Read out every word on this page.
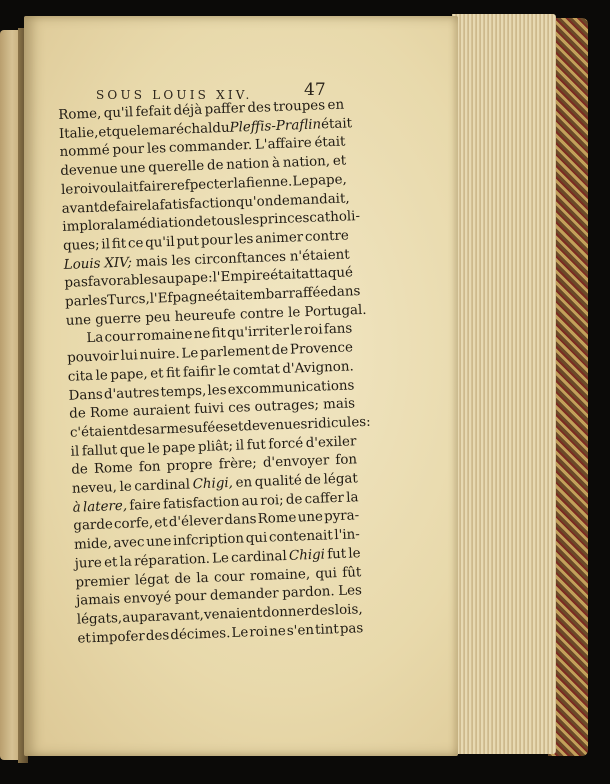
SOUS LOUIS XIV.	47
Rome, qu'il fefait déjà paffer des troupes en
Italie, et que le maréchal du Pleffis-Praflin était
nommé pour les commander. L'affaire était
devenue une querelle de nation à nation, et
le roi voulait faire refpecter la fienne. Le pape,
avant de faire la fatisfaction qu'on demandait,
implora la médiation de tous les princes catholi-
ques; il fit ce qu'il put pour les animer contre
Louis XIV; mais les circonftances n'étaient
pas favorables au pape: l'Empire était attaqué
par les Turcs, l'Efpagne était embarraffée dans
une guerre peu heureufe contre le Portugal.
La cour romaine ne fit qu'irriter le roi fans
pouvoir lui nuire. Le parlement de Provence
cita le pape, et fit faifir le comtat d'Avignon.
Dans d'autres temps, les excommunications
de Rome auraient fuivi ces outrages; mais
c'étaient des armes ufées et devenues ridicules:
il fallut que le pape pliât; il fut forcé d'exiler
de Rome fon propre frère; d'envoyer fon
neveu, le cardinal Chigi, en qualité de légat
à latere, faire fatisfaction au roi; de caffer la
garde corfe, et d'élever dans Rome une pyra-
mide, avec une infcription qui contenait l'in-
jure et la réparation. Le cardinal Chigi fut le
premier légat de la cour romaine, qui fût
jamais envoyé pour demander pardon. Les
légats, auparavant, venaient donner des lois,
et impofer des décimes. Le roi ne s'en tint pas
